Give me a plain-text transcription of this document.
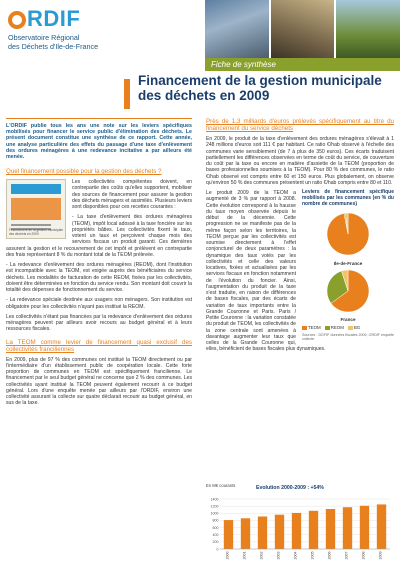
RDIF
Observatoire Régional
des Déchets d'Ile-de-France
Fiche de synthèse
Financement de la gestion municipale des déchets en 2009
L'ORDIF publie tous les ans une note sur les leviers spécifiques mobilisés pour financer le service public d'élimination des déchets. Le présent document constitue une synthèse de ce rapport. Cette année, une analyse particulière des effets du passage d'une taxe d'enlèvement des ordures ménagères à une redevance incitative a par ailleurs été menée.
Quel financement possible pour la gestion des déchets ?
Financement de la gestion municipale des déchets en 2009

Les collectivités compétentes doivent, en contrepartie des coûts qu'elles supportent, mobiliser des sources de financement pour assurer la gestion des déchets ménagers et assimilés. Plusieurs leviers sont disponibles pour ces recettes courantes :

- La taxe d'enlèvement des ordures ménagères (TEOM), impôt local adossé à la taxe foncière sur les propriétés bâties. Les collectivités fixent le taux, votent un taux et perçoivent chaque mois des services fiscaux un produit garanti. Ces dernières assurent la gestion et le recouvrement de cet impôt et prélèvent en contrepartie des frais représentant 8 % du montant total de la TEOM prélevée.

- La redevance d'enlèvement des ordures ménagères (REOM), dont l'institution est incompatible avec la TEOM, est exigée auprès des bénéficiaires du service déchets. Les modalités de facturation de cette REOM, fixées par les collectivités, doivent être déterminées en fonction du service rendu. Son montant doit couvrir la totalité des dépenses de fonctionnement du service.

- La redevance spéciale destinée aux usagers non ménagers. Son institution est obligatoire pour les collectivités n'ayant pas institué la REOM.

Les collectivités n'étant pas financées par la redevance d'enlèvement des ordures ménagères peuvent par ailleurs avoir recours au budget général et à leurs ressources fiscales.

La TEOM comme levier de financement quasi exclusif des collectivités franciliennes

En 2009, plus de 97 % des communes ont institué la TEOM directement ou par l'intermédiaire d'un établissement public de coopération locale. Cette forte proportion de communes en TEOM est spécifiquement francilienne. Le financement par le seul budget général ne concerne que 2 % des communes. Les collectivités ayant institué la TEOM peuvent également recourir à ce budget général. Lors d'une enquête menée par ailleurs par l'ORDIF, environ une collectivité assurant la collecte sur quatre déclarait recourir au budget général, en sus de la taxe.

Près de 1,3 milliards d'euros prélevés spécifiquement au titre du financement du service déchets

En 2009, le produit de la taxe d'enlèvement des ordures ménagères s'élevait à 1 248 millions d'euros soit 111 € par habitant. Ce ratio €/hab observé à l'échelle des communes varie sensiblement (de 7 à plus de 350 euros). Ces écarts traduisent partiellement les différences observées en terme de coût du service, de couverture du coût par la taxe ou encore en matière d'assiette de la TEOM (proportion de bases professionnelles soumises à la TEOM). Pour 80 % des communes, le ratio €/hab observé est compris entre 60 et 150 euros. Plus globalement, on observe qu'environ 50 % des communes présentent un ratio €/hab compris entre 80 et 110.

Leviers de financement spécifique mobilisés par les communes (en % du nombre de communes)
Ile-de-France
France
TEOM	REOM	BG
Sources : DGFIP données fiscales 2009, ORDIF enquête collecte

Le produit 2009 de la TEOM a augmenté de 3 % par rapport à 2008. Cette évolution correspond à la hausse du taux moyen observée depuis le début de la décennie. Cette progression ne se manifeste pas de la même façon selon les territoires, la TEOM perçue par les collectivités est soumise directement à l'effet conjoncturel de deux paramètres : la dynamique des taux votés par les collectivités et celle des valeurs locatives, fixées et actualisées par les services fiscaux en fonction notamment de l'évolution du foncier. Ainsi, l'augmentation du produit de la taxe s'est traduite, en raison de différences de bases fiscales, par des écarts de variation de taux importants entre la Grande Couronne et Paris. Paris / Petite Couronne : la variation constatée du produit de TEOM, les collectivités de la zone centrale sont amenées à davantage augmenter leur taux que celles de la Grande Couronne qui, elles, bénéficient de bases fiscales plus dynamiques.

Evolution 2000-2009 : +54%
En M€ courants
0
200
400
600
800
1000
1200
1400
2000	2001	2002	2003	2004	2005	2006	2007	2008	2009
